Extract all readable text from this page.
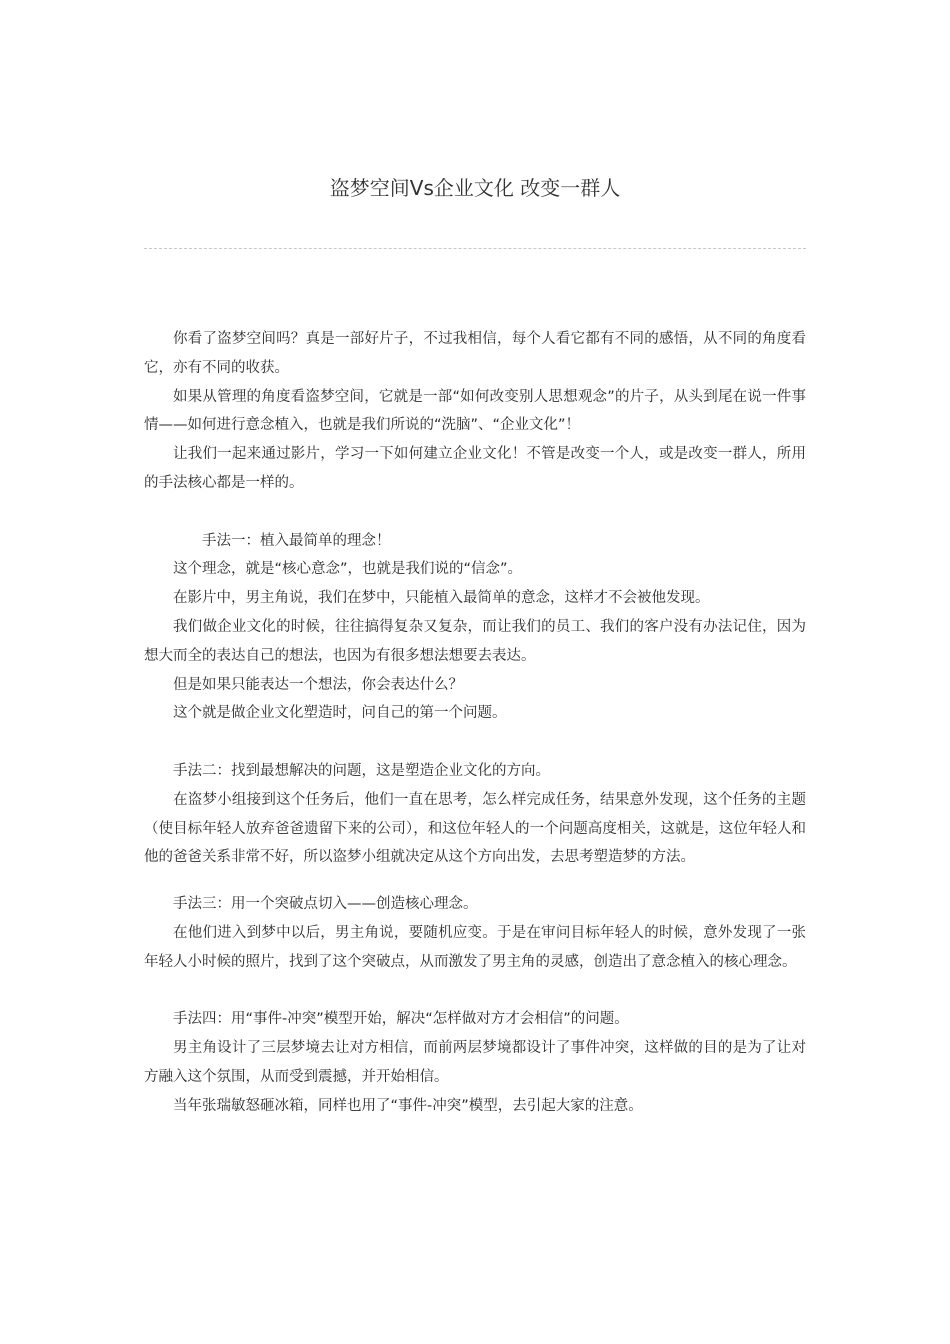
盗梦空间Vs企业文化 改变一群人

你看了盗梦空间吗？真是一部好片子，不过我相信，每个人看它都有不同的感悟，从不同的角度看它，亦有不同的收获。

如果从管理的角度看盗梦空间，它就是一部“如何改变别人思想观念”的片子，从头到尾在说一件事情——如何进行意念植入，也就是我们所说的“洗脑”、“企业文化”！

让我们一起来通过影片，学习一下如何建立企业文化！不管是改变一个人，或是改变一群人，所用的手法核心都是一样的。

手法一：植入最简单的理念！

这个理念，就是“核心意念”，也就是我们说的“信念”。

在影片中，男主角说，我们在梦中，只能植入最简单的意念，这样才不会被他发现。

我们做企业文化的时候，往往搞得复杂又复杂，而让我们的员工、我们的客户没有办法记住，因为想大而全的表达自己的想法，也因为有很多想法想要去表达。

但是如果只能表达一个想法，你会表达什么？

这个就是做企业文化塑造时，问自己的第一个问题。

手法二：找到最想解决的问题，这是塑造企业文化的方向。

在盗梦小组接到这个任务后，他们一直在思考，怎么样完成任务，结果意外发现，这个任务的主题（使目标年轻人放弃爸爸遗留下来的公司），和这位年轻人的一个问题高度相关，这就是，这位年轻人和他的爸爸关系非常不好，所以盗梦小组就决定从这个方向出发，去思考塑造梦的方法。

手法三：用一个突破点切入——创造核心理念。

在他们进入到梦中以后，男主角说，要随机应变。于是在审问目标年轻人的时候，意外发现了一张年轻人小时候的照片，找到了这个突破点，从而激发了男主角的灵感，创造出了意念植入的核心理念。

手法四：用“事件-冲突”模型开始，解决“怎样做对方才会相信”的问题。

男主角设计了三层梦境去让对方相信，而前两层梦境都设计了事件冲突，这样做的目的是为了让对方融入这个氛围，从而受到震撼，并开始相信。

当年张瑞敏怒砸冰箱，同样也用了“事件-冲突”模型，去引起大家的注意。
